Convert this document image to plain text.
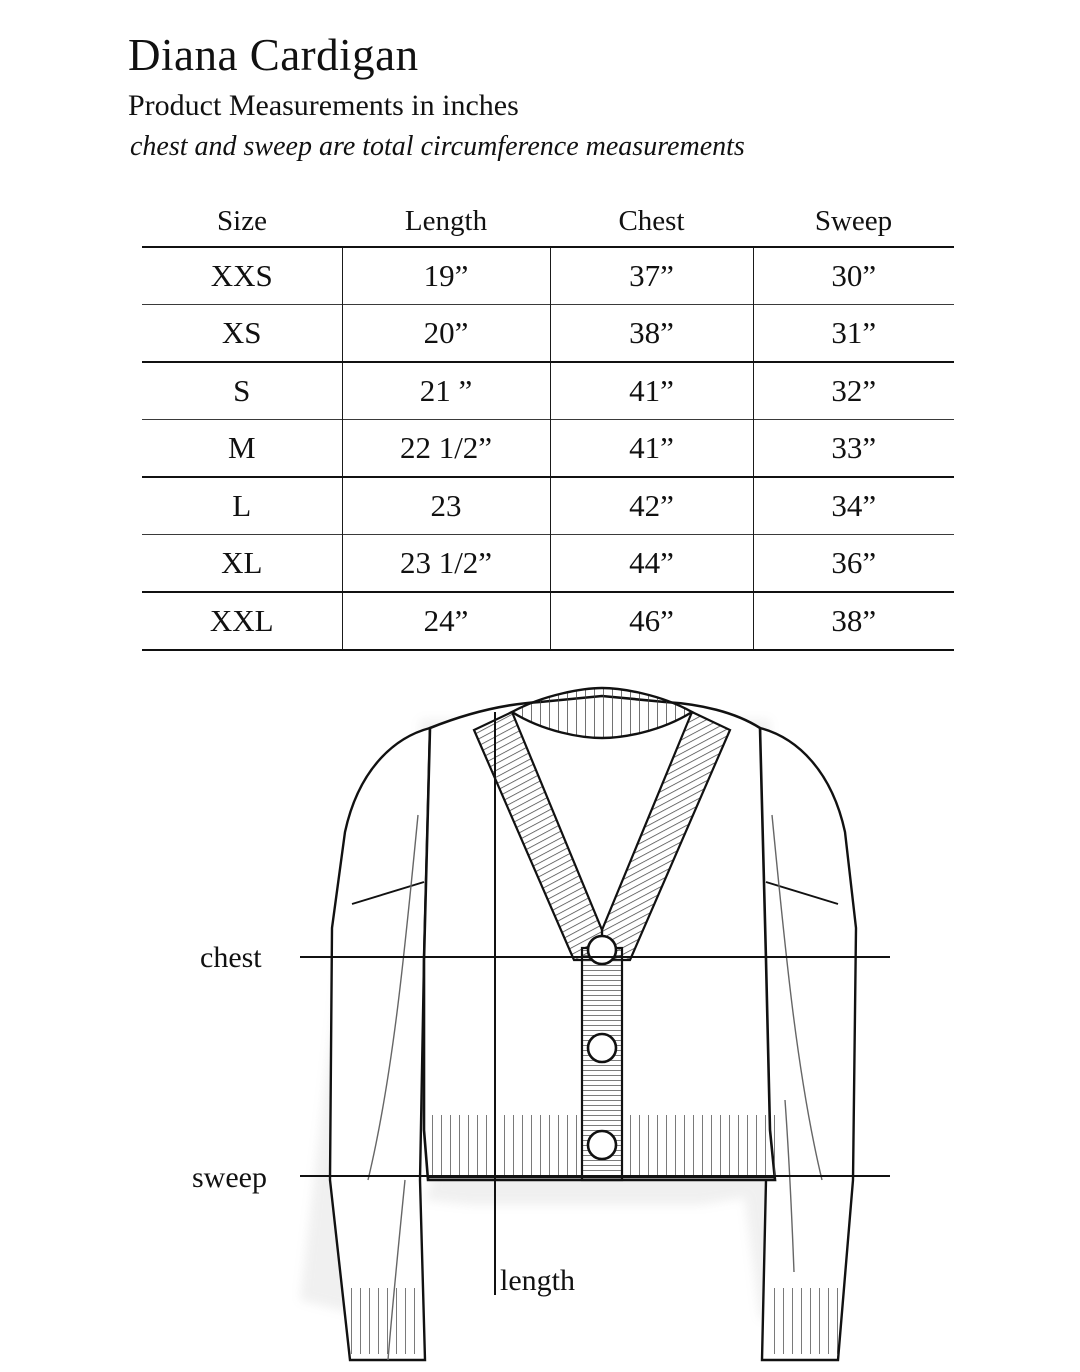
Diana Cardigan
Product Measurements in inches
chest and sweep are total circumference measurements
Size	Length	Chest	Sweep
XXS	19”	37”	30”
XS	20”	38”	31”
S	21 ”	41”	32”
M	22 1/2”	41”	33”
L	23	42”	34”
XL	23 1/2”	44”	36”
XXL	24”	46”	38”
chest
sweep
length
